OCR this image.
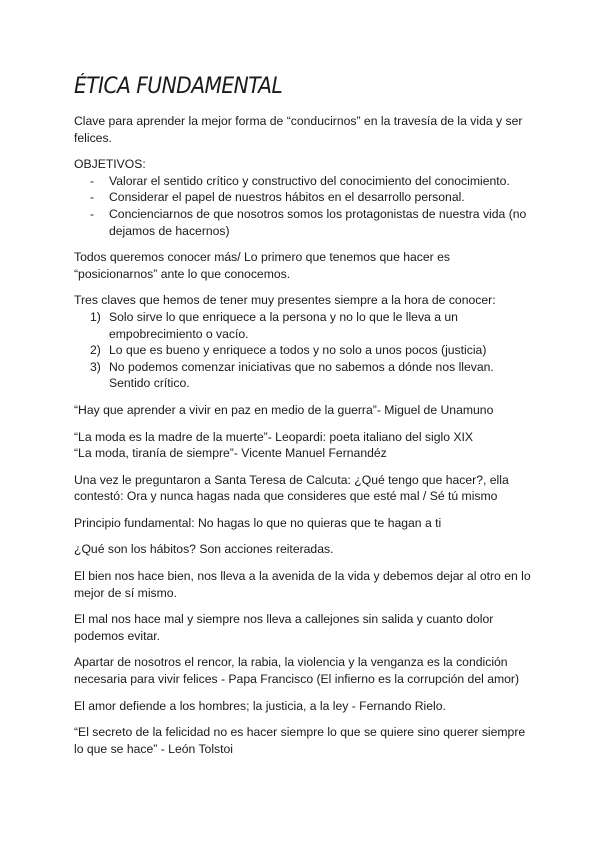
ÉTICA FUNDAMENTAL

Clave para aprender la mejor forma de “conducirnos” en la travesía de la vida y ser felices.

OBJETIVOS:

- Valorar el sentido crítico y constructivo del conocimiento del conocimiento.
- Considerar el papel de nuestros hábitos en el desarrollo personal.
- Concienciarnos de que nosotros somos los protagonistas de nuestra vida (no dejamos de hacernos)

Todos queremos conocer más/ Lo primero que tenemos que hacer es “posicionarnos” ante lo que conocemos.

Tres claves que hemos de tener muy presentes siempre a la hora de conocer:

1) Solo sirve lo que enriquece a la persona y no lo que le lleva a un empobrecimiento o vacío.
2) Lo que es bueno y enriquece a todos y no solo a unos pocos (justicia)
3) No podemos comenzar iniciativas que no sabemos a dónde nos llevan. Sentido crítico.

“Hay que aprender a vivir en paz en medio de la guerra”- Miguel de Unamuno

“La moda es la madre de la muerte”- Leopardi: poeta italiano del siglo XIX

“La moda, tiranía de siempre”- Vicente Manuel Fernandéz

Una vez le preguntaron a Santa Teresa de Calcuta: ¿Qué tengo que hacer?, ella contestó: Ora y nunca hagas nada que consideres que esté mal / Sé tú mismo

Principio fundamental: No hagas lo que no quieras que te hagan a ti

¿Qué son los hábitos? Son acciones reiteradas.

El bien nos hace bien, nos lleva a la avenida de la vida y debemos dejar al otro en lo mejor de sí mismo.

El mal nos hace mal y siempre nos lleva a callejones sin salida y cuanto dolor podemos evitar.

Apartar de nosotros el rencor, la rabia, la violencia y la venganza es la condición necesaria para vivir felices - Papa Francisco (El infierno es la corrupción del amor)

El amor defiende a los hombres; la justicia, a la ley - Fernando Rielo.

“El secreto de la felicidad no es hacer siempre lo que se quiere sino querer siempre lo que se hace” - León Tolstoi
